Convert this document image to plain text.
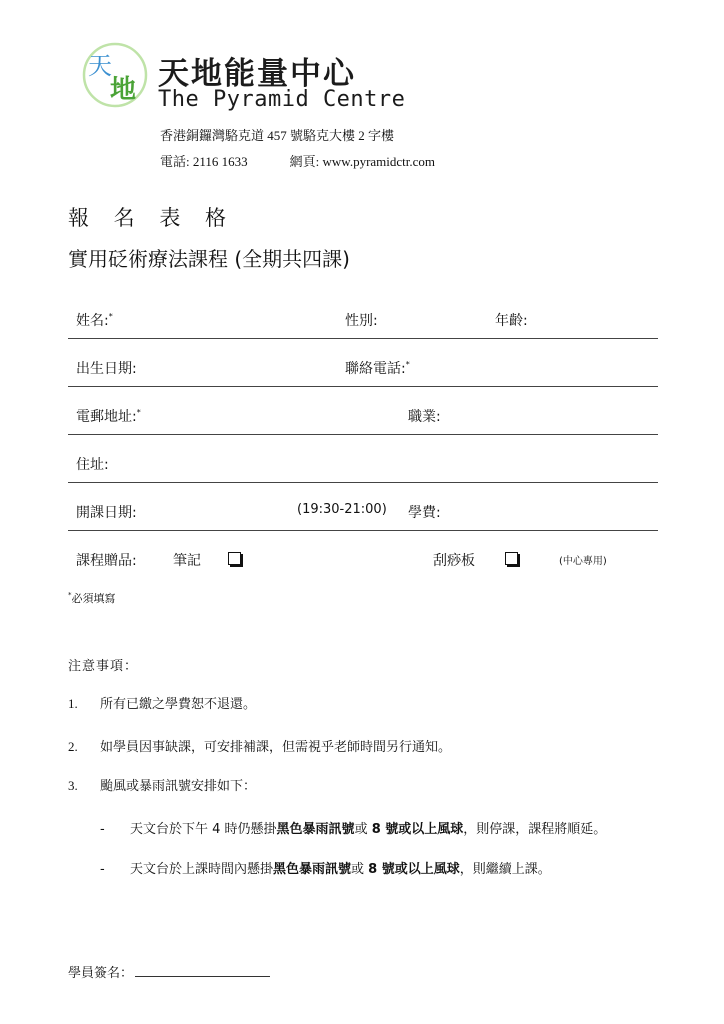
天
地 天地能量中心
The Pyramid Centre
香港銅鑼灣駱克道 457 號駱克大樓 2 字樓
電話: 2116 1633	網頁: www.pyramidctr.com
報 名 表 格
實用砭術療法課程 (全期共四課)
姓名:*	性別:	年齡:
出生日期:	聯絡電話:*
電郵地址:*	職業:
住址:
開課日期:	(19:30-21:00) 學費:
課程贈品:	筆記	刮痧板	(中心專用)
*必須填寫
注意事項：
1. 所有已繳之學費恕不退還。
2. 如學員因事缺課，可安排補課，但需視乎老師時間另行通知。
3. 颱風或暴雨訊號安排如下：
- 天文台於下午 4 時仍懸掛黑色暴雨訊號或 8 號或以上風球，則停課，課程將順延。
- 天文台於上課時間內懸掛黑色暴雨訊號或 8 號或以上風球，則繼續上課。
學員簽名：
